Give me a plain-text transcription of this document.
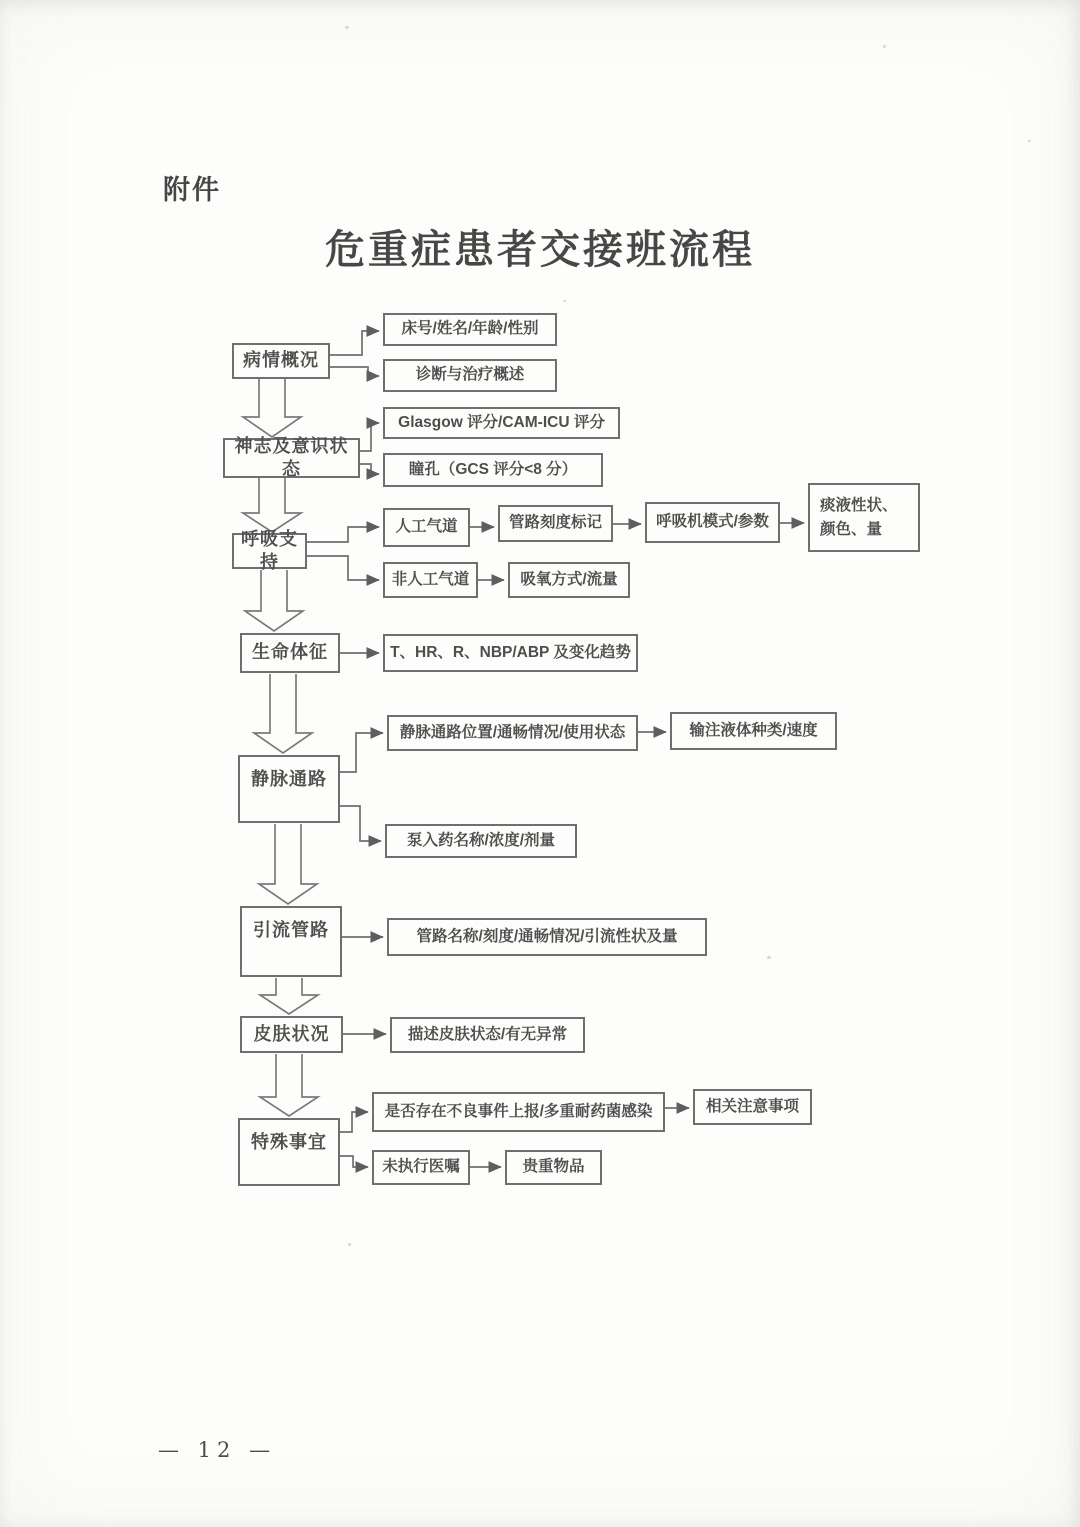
附件
危重症患者交接班流程
病情概况
神志及意识状态
呼吸支持
生命体征
静脉通路
引流管路
皮肤状况
特殊事宜
床号/姓名/年龄/性别
诊断与治疗概述
Glasgow 评分/CAM-ICU 评分
瞳孔（GCS 评分<8 分）
人工气道	管路刻度标记	呼吸机模式/参数
痰液性状、颜色、量
非人工气道	吸氧方式/流量
T、HR、R、NBP/ABP 及变化趋势
静脉通路位置/通畅情况/使用状态	输注液体种类/速度
泵入药名称/浓度/剂量
管路名称/刻度/通畅情况/引流性状及量
描述皮肤状态/有无异常
是否存在不良事件上报/多重耐药菌感染	相关注意事项
未执行医嘱	贵重物品
— 12 —
